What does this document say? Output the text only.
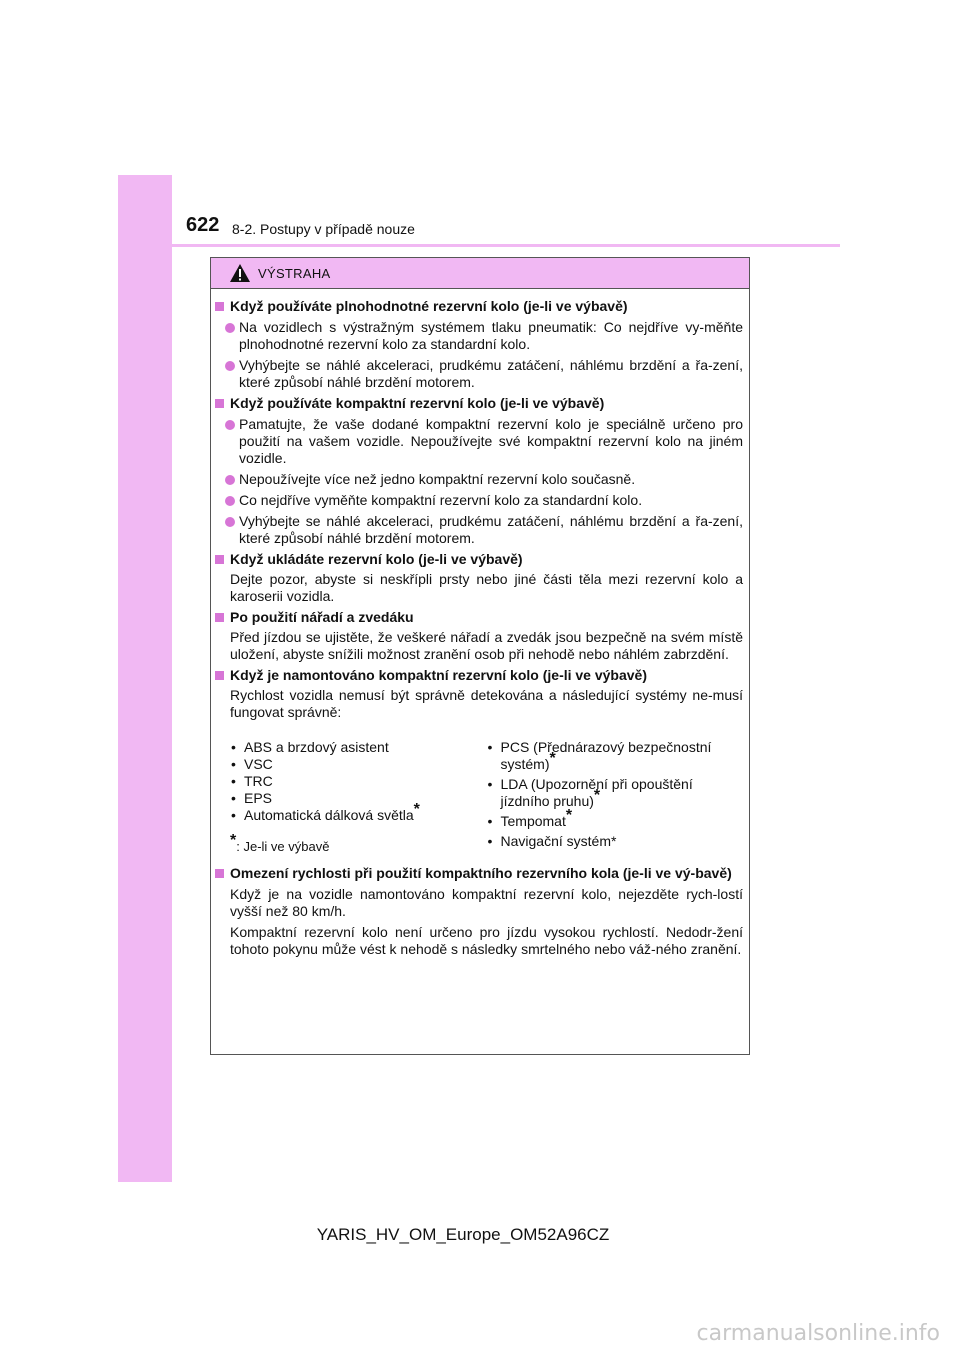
622 8-2. Postupy v případě nouze
VÝSTRAHA
Když používáte plnohodnotné rezervní kolo (je-li ve výbavě)
Na vozidlech s výstražným systémem tlaku pneumatik: Co nejdříve vy-měňte plnohodnotné rezervní kolo za standardní kolo.
Vyhýbejte se náhlé akceleraci, prudkému zatáčení, náhlému brzdění a řa-zení, které způsobí náhlé brzdění motorem.
Když používáte kompaktní rezervní kolo (je-li ve výbavě)
Pamatujte, že vaše dodané kompaktní rezervní kolo je speciálně určeno pro použití na vašem vozidle. Nepoužívejte své kompaktní rezervní kolo na jiném vozidle.
Nepoužívejte více než jedno kompaktní rezervní kolo současně.
Co nejdříve vyměňte kompaktní rezervní kolo za standardní kolo.
Vyhýbejte se náhlé akceleraci, prudkému zatáčení, náhlému brzdění a řa-zení, které způsobí náhlé brzdění motorem.
Když ukládáte rezervní kolo (je-li ve výbavě)
Dejte pozor, abyste si neskřípli prsty nebo jiné části těla mezi rezervní kolo a karoserii vozidla.
Po použití nářadí a zvedáku
Před jízdou se ujistěte, že veškeré nářadí a zvedák jsou bezpečně na svém místě uložení, abyste snížili možnost zranění osob při nehodě nebo náhlém zabrzdění.
Když je namontováno kompaktní rezervní kolo (je-li ve výbavě)
Rychlost vozidla nemusí být správně detekována a následující systémy ne-musí fungovat správně:
• ABS a brzdový asistent
• VSC
• TRC
• EPS
• Automatická dálková světla*
*: Je-li ve výbavě
• PCS (Přednárazový bezpečnostní systém)*
• LDA (Upozornění při opouštění jízdního pruhu)*
• Tempomat*
• Navigační systém*
Omezení rychlosti při použití kompaktního rezervního kola (je-li ve vý-bavě)
Když je na vozidle namontováno kompaktní rezervní kolo, nejezděte rych-lostí vyšší než 80 km/h.
Kompaktní rezervní kolo není určeno pro jízdu vysokou rychlostí. Nedodr-žení tohoto pokynu může vést k nehodě s následky smrtelného nebo váž-ného zranění.
YARIS_HV_OM_Europe_OM52A96CZ
carmanualsonline.info
